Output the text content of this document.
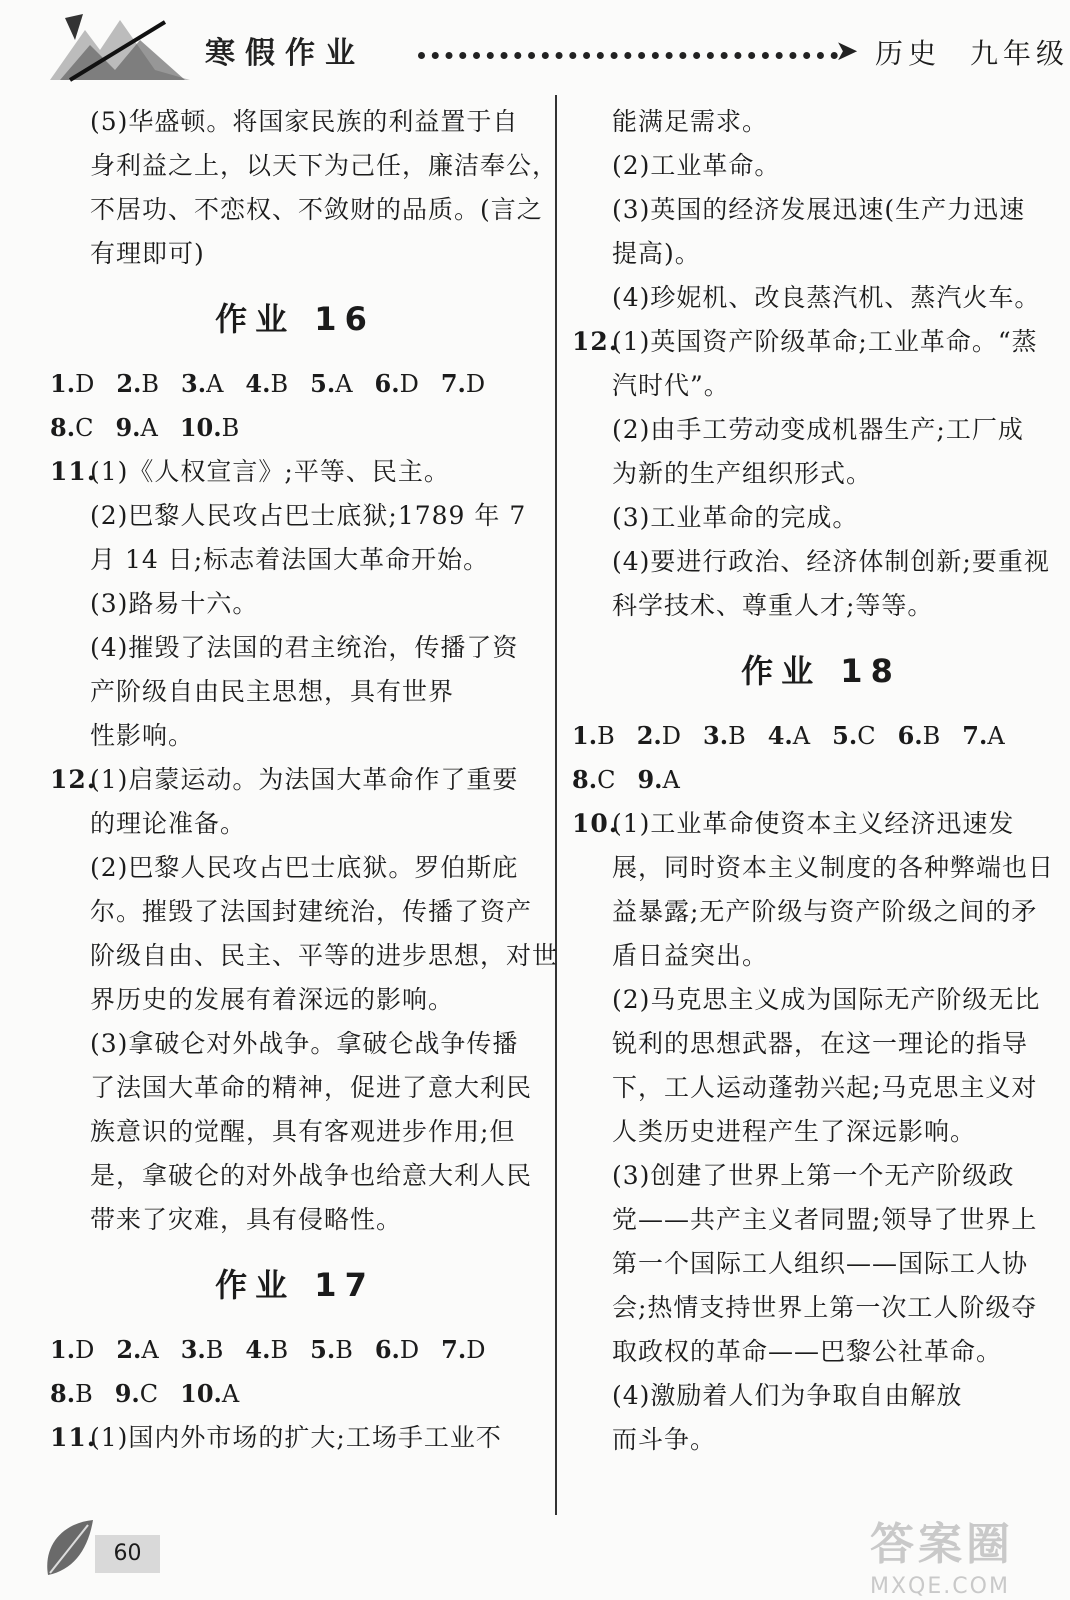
寒假作业	➤ 历史 九年级
(5)华盛顿。将国家民族的利益置于自
身利益之上，以天下为己任，廉洁奉公，
不居功、不恋权、不敛财的品质。(言之
有理即可)
作业 16
1.D 2.B 3.A 4.B 5.A 6.D 7.D
8.C 9.A 10.B
11.(1)《人权宣言》;平等、民主。
(2)巴黎人民攻占巴士底狱;1789 年 7
月 14 日;标志着法国大革命开始。
(3)路易十六。
(4)摧毁了法国的君主统治，传播了资
产阶级自由民主思想，具有世界
性影响。
12.(1)启蒙运动。为法国大革命作了重要
的理论准备。
(2)巴黎人民攻占巴士底狱。罗伯斯庇
尔。摧毁了法国封建统治，传播了资产
阶级自由、民主、平等的进步思想，对世
界历史的发展有着深远的影响。
(3)拿破仑对外战争。拿破仑战争传播
了法国大革命的精神，促进了意大利民
族意识的觉醒，具有客观进步作用;但
是，拿破仑的对外战争也给意大利人民
带来了灾难，具有侵略性。
作业 17
1.D 2.A 3.B 4.B 5.B 6.D 7.D
8.B 9.C 10.A
11.(1)国内外市场的扩大;工场手工业不
能满足需求。
(2)工业革命。
(3)英国的经济发展迅速(生产力迅速
提高)。
(4)珍妮机、改良蒸汽机、蒸汽火车。
12.(1)英国资产阶级革命;工业革命。“蒸
汽时代”。
(2)由手工劳动变成机器生产;工厂成
为新的生产组织形式。
(3)工业革命的完成。
(4)要进行政治、经济体制创新;要重视
科学技术、尊重人才;等等。
作业 18
1.B 2.D 3.B 4.A 5.C 6.B 7.A
8.C 9.A
10.(1)工业革命使资本主义经济迅速发
展，同时资本主义制度的各种弊端也日
益暴露;无产阶级与资产阶级之间的矛
盾日益突出。
(2)马克思主义成为国际无产阶级无比
锐利的思想武器，在这一理论的指导
下，工人运动蓬勃兴起;马克思主义对
人类历史进程产生了深远影响。
(3)创建了世界上第一个无产阶级政
党——共产主义者同盟;领导了世界上
第一个国际工人组织——国际工人协
会;热情支持世界上第一次工人阶级夺
取政权的革命——巴黎公社革命。
(4)激励着人们为争取自由解放
而斗争。
60	答案圈
MXQE.COM
